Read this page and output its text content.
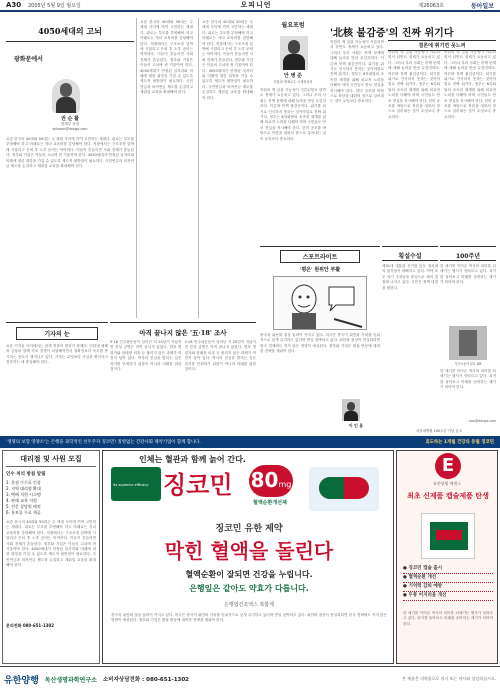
A30	2005년 5월 9일 월요일	오피니언	제26063호	동아일보
4050세대의 고뇌
광화문에서
권 순 활
경제부 차장
shkwon@donga.com
요즘 한국의 40대와 50대는 두 세대 사이에 끼여 고민하는 세대다. 위로는 부모를 부양해야 하고 아래로는 자녀 교육비를 감당해야 한다. 직장에서는 구조조정 압박에 시달리고 은퇴 후 노후 준비는 막막하다. 이들이 흔들리면 사회 전체가 흔들린다. 정부와 기업은 이들의 고뇌에 귀 기울여야 한다. 4050세대가 안정된 일자리와 미래에 대한 희망을 가질 수 있도록 제도적 뒷받침이 필요하다. 국민연금과 퇴직연금 제도를 손질하고 재취업 교육을 확대해야 한다.
요즘 한국의 40대와 50대는 두 세대 사이에 끼여 고민하는 세대다. 위로는 부모를 부양해야 하고 아래로는 자녀 교육비를 감당해야 한다. 직장에서는 구조조정 압박에 시달리고 은퇴 후 노후 준비는 막막하다. 이들이 흔들리면 사회 전체가 흔들린다. 정부와 기업은 이들의 고뇌에 귀 기울여야 한다. 4050세대가 안정된 일자리와 미래에 대한 희망을 가질 수 있도록 제도적 뒷받침이 필요하다. 국민연금과 퇴직연금 제도를 손질하고 재취업 교육을 확대해야 한다.
요즘 한국의 40대와 50대는 두 세대 사이에 끼여 고민하는 세대다. 위로는 부모를 부양해야 하고 아래로는 자녀 교육비를 감당해야 한다. 직장에서는 구조조정 압박에 시달리고 은퇴 후 노후 준비는 막막하다. 이들이 흔들리면 사회 전체가 흔들린다. 정부와 기업은 이들의 고뇌에 귀 기울여야 한다. 4050세대가 안정된 일자리와 미래에 대한 희망을 가질 수 있도록 제도적 뒷받침이 필요하다. 국민연금과 퇴직연금 제도를 손질하고 재취업 교육을 확대해야 한다.
월요포럼
'北核 불감증'의 진짜 위기다
안 병 준
서울대 명예교수·국제정치학
북한의 핵 실험 가능성이 거론되면서 한반도 정세가 요동치고 있다. 그러나 우리 사회는 북핵 문제에 대해 놀라울 만큼 무감각하다. 이른바 북핵 불감증이다. 위기를 위기로 인식하지 못하는 것이야말로 진짜 위기다. 정부는 6자회담의 조속한 재개를 위해 외교적 노력을 다해야 하며 국민들도 안보 현실을 직시해야 한다. 한미 공조를 바탕으로 북한을 대화의 장으로 끌어내는 것이 무엇보다 중요하다.
북한의 핵 실험 가능성이 거론되면서 한반도 정세가 요동치고 있다. 그러나 우리 사회는 북핵 문제에 대해 놀라울 만큼 무감각하다. 이른바 북핵 불감증이다. 위기를 위기로 인식하지 못하는 것이야말로 진짜 위기다. 정부는 6자회담의 조속한 재개를 위해 외교적 노력을 다해야 하며 국민들도 안보 현실을 직시해야 한다. 한미 공조를 바탕으로 북한을 대화의 장으로 끌어내는 것이 무엇보다 중요하다.
결론에 휘기면 못느껴
북한의 핵 실험 가능성이 거론되면서 한반도 정세가 요동치고 있다. 그러나 우리 사회는 북핵 문제에 대해 놀라울 만큼 무감각하다. 이른바 북핵 불감증이다. 위기를 위기로 인식하지 못하는 것이야말로 진짜 위기다. 정부는 6자회담의 조속한 재개를 위해 외교적 노력을 다해야 하며 국민들도 안보 현실을 직시해야 한다. 한미 공조를 바탕으로 북한을 대화의 장으로 끌어내는 것이 무엇보다 중요하다.
북한의 핵 실험 가능성이 거론되면서 한반도 정세가 요동치고 있다. 그러나 우리 사회는 북핵 문제에 대해 놀라울 만큼 무감각하다. 이른바 북핵 불감증이다. 위기를 위기로 인식하지 못하는 것이야말로 진짜 위기다. 정부는 6자회담의 조속한 재개를 위해 외교적 노력을 다해야 하며 국민들도 안보 현실을 직시해야 한다. 한미 공조를 바탕으로 북한을 대화의 장으로 끌어내는 것이 무엇보다 중요하다.
기자의 눈
요즘 기자들 사이에서는 취재 현장의 변화가 화제다. 인터넷 매체의 등장과 함께 속보 경쟁이 치열해지면서 정확성보다 속도를 중시하는 풍토가 생겨나고 있다. 기자는 무엇보다 사실을 확인하고 검증하는 데 충실해야 한다.
아직 끝나지 않은 '五·18' 조사
5·18 민주화운동이 일어난 지 25년이 지났지만 진상 규명은 아직 끝나지 않았다. 발포 명령자와 암매장 의혹 등 풀리지 않은 과제가 여전히 남아 있다. 역사의 진실을 밝히는 일은 과거를 단죄하기 위함이 아니라 미래를 위한 것이다.
5·18 민주화운동이 일어난 지 25년이 지났지만 진상 규명은 아직 끝나지 않았다. 발포 명령자와 암매장 의혹 등 풀리지 않은 과제가 여전히 남아 있다. 역사의 진실을 밝히는 일은 과거를 단죄하기 위함이 아니라 미래를 위한 것이다.
스포트라이트
'평온' 원위안 부활
중국의 위안화 절상 압력이 커지고 있다. 미국은 중국이 위안화 가치를 인위적으로 낮게 유지하고 있다며 연일 압박하고 있다. 위안화 절상이 현실화되면 한국 경제에도 적지 않은 영향이 예상된다. 정부와 기업은 환율 변동에 대비한 전략을 세워야 한다.
이 인 용
횡설수설
제31대 대통령 선거를 앞둔 정치권의 움직임이 바빠지고 있다. 여야 모두 차기 주자들을 중심으로 세력 결집에 나서고 있다. 국민은 정책 대결을 원한다.
100주년
한 세기를 이어온 역사의 의미를 되새기는 행사가 잇따르고 있다. 과거를 돌아보고 미래를 준비하는 계기가 되어야 한다.
사진=동아일보 DB
한 세기를 이어온 역사의 의미를 되새기는 행사가 잇따르고 있다. 과거를 돌아보고 미래를 준비하는 계기가 되어야 한다.
ooo@donga.com
서울대병원 100주년 기념 공고
'생명의 보험 영양소'는 은행을 과학적인 선두주자 징코민! 질병없는 건강사회 제약기업이 함께 합니다.	효도하는 1개월 건강의 동월 징코민
대리점 및 사원 모집
인수 처리 방침 알림
1. 분점 수수료 인상
2. 지역 대리점 확대
3. 택배 지원 시스템
4. 판매 교육 지원
5. 전문 상담원 배치
6. 홍보물 무료 제공
요즘 한국의 40대와 50대는 두 세대 사이에 끼여 고민하는 세대다. 위로는 부모를 부양해야 하고 아래로는 자녀 교육비를 감당해야 한다. 직장에서는 구조조정 압박에 시달리고 은퇴 후 노후 준비는 막막하다. 이들이 흔들리면 사회 전체가 흔들린다. 정부와 기업은 이들의 고뇌에 귀 기울여야 한다. 4050세대가 안정된 일자리와 미래에 대한 희망을 가질 수 있도록 제도적 뒷받침이 필요하다. 국민연금과 퇴직연금 제도를 손질하고 재취업 교육을 확대해야 한다.
문의전화 080-651-1302
인체는 혈관과 함께 늙어 간다.
its superior efficacy 징코민 80 mg
혈액순환개선제
징코민 유한 제약
막힌 혈액을 돌린다
혈액순환이 잘되면 건강을 누립니다.
은행잎은 같아도 약효가 다릅니다.
은행엽건조엑스 복합제
중국의 위안화 절상 압력이 커지고 있다. 미국은 중국이 위안화 가치를 인위적으로 낮게 유지하고 있다며 연일 압박하고 있다. 위안화 절상이 현실화되면 한국 경제에도 적지 않은 영향이 예상된다. 정부와 기업은 환율 변동에 대비한 전략을 세워야 한다.
E
유한양행 에센스
최초 신제품 캡슐제품 탄생
● 징코민 캡슐 출시
● 혈액순환 개선
● 기억력 감퇴 예방
● 두통 어지러움 개선
한 세기를 이어온 역사의 의미를 되새기는 행사가 잇따르고 있다. 과거를 돌아보고 미래를 준비하는 계기가 되어야 한다.
유한양행 독산생명과학연구소 소비자상담전화 : 080-651-1302	본 제품은 의약품으로 의사 또는 약사와 상담하십시오.
